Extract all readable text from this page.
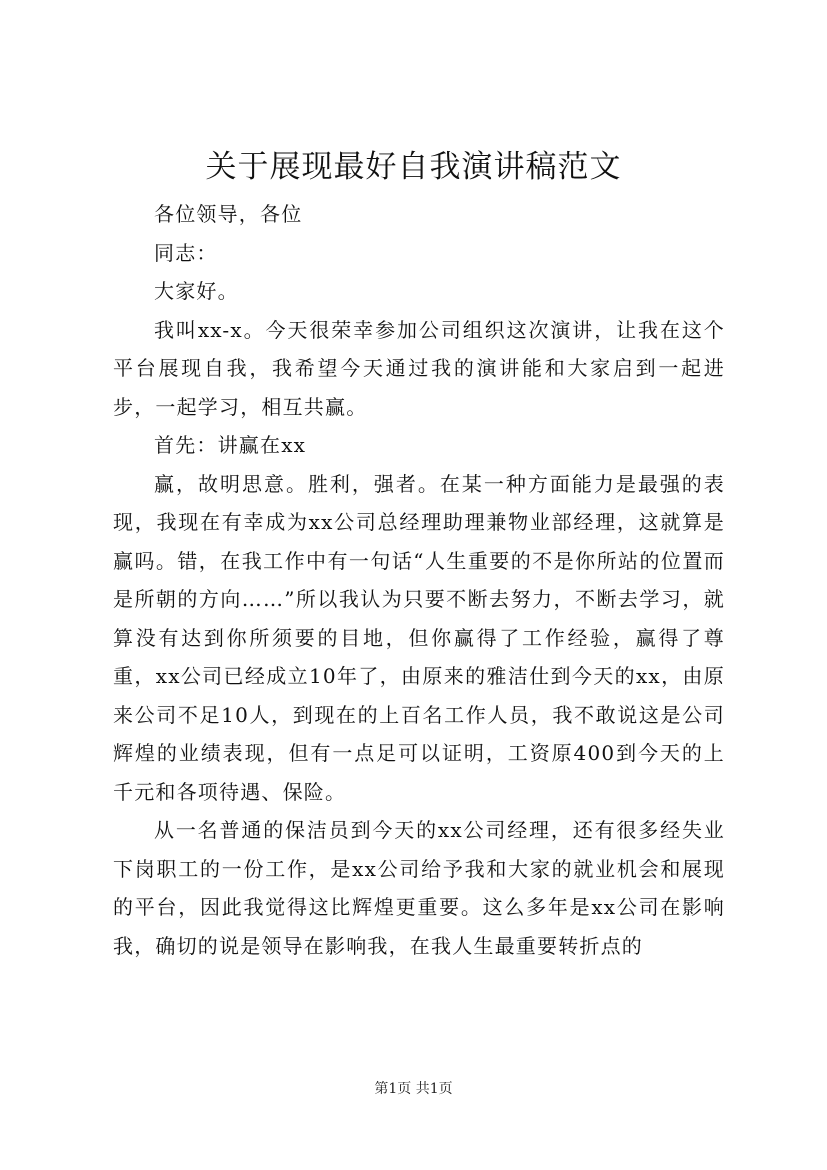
关于展现最好自我演讲稿范文

各位领导，各位

同志：

大家好。

我叫xx-x。今天很荣幸参加公司组织这次演讲，让我在这个平台展现自我，我希望今天通过我的演讲能和大家启到一起进步，一起学习，相互共赢。

首先：讲赢在xx

赢，故明思意。胜利，强者。在某一种方面能力是最强的表现，我现在有幸成为xx公司总经理助理兼物业部经理，这就算是赢吗。错，在我工作中有一句话“人生重要的不是你所站的位置而是所朝的方向……”所以我认为只要不断去努力，不断去学习，就算没有达到你所须要的目地，但你赢得了工作经验，赢得了尊重，xx公司已经成立10年了，由原来的雅洁仕到今天的xx，由原来公司不足10人，到现在的上百名工作人员，我不敢说这是公司辉煌的业绩表现，但有一点足可以证明，工资原400到今天的上千元和各项待遇、保险。

从一名普通的保洁员到今天的xx公司经理，还有很多经失业下岗职工的一份工作，是xx公司给予我和大家的就业机会和展现的平台，因此我觉得这比辉煌更重要。这么多年是xx公司在影响我，确切的说是领导在影响我，在我人生最重要转折点的

第1页 共1页
